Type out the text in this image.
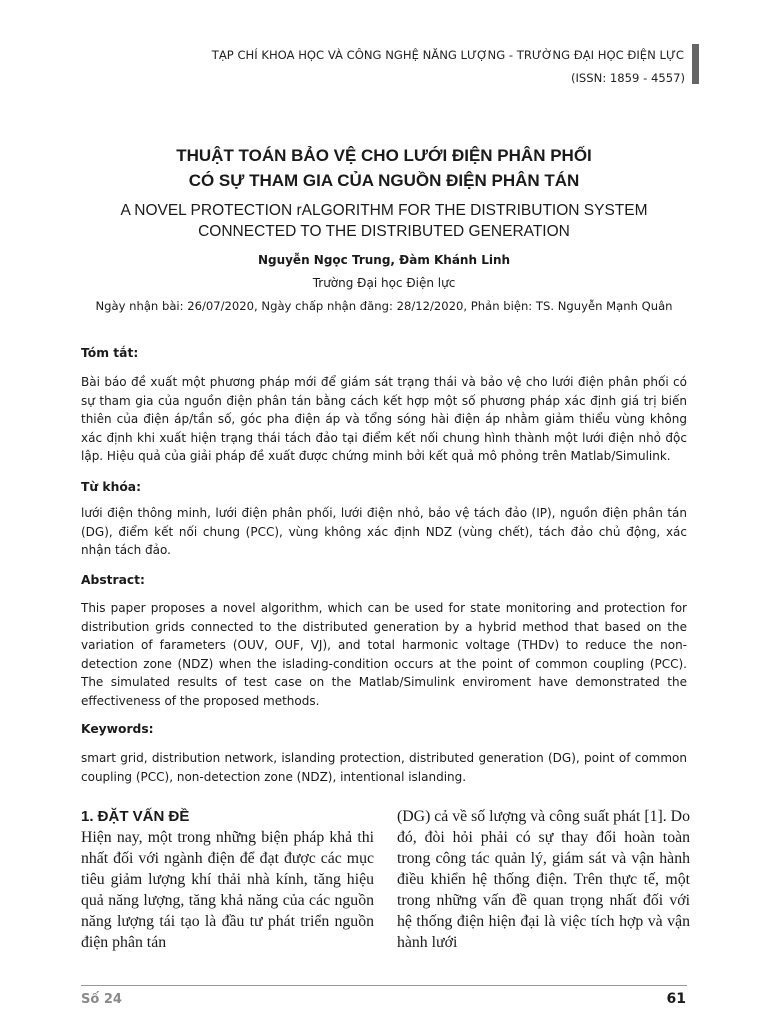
TẠP CHÍ KHOA HỌC VÀ CÔNG NGHỆ NĂNG LƯỢNG - TRƯỜNG ĐẠI HỌC ĐIỆN LỰC
(ISSN: 1859 - 4557)
THUẬT TOÁN BẢO VỆ CHO LƯỚI ĐIỆN PHÂN PHỐI
CÓ SỰ THAM GIA CỦA NGUỒN ĐIỆN PHÂN TÁN
A NOVEL PROTECTION rALGORITHM FOR THE DISTRIBUTION SYSTEM
CONNECTED TO THE DISTRIBUTED GENERATION
Nguyễn Ngọc Trung, Đàm Khánh Linh
Trường Đại học Điện lực
Ngày nhận bài: 26/07/2020, Ngày chấp nhận đăng: 28/12/2020, Phản biện: TS. Nguyễn Mạnh Quân
Tóm tắt:
Bài báo đề xuất một phương pháp mới để giám sát trạng thái và bảo vệ cho lưới điện phân phối có sự tham gia của nguồn điện phân tán bằng cách kết hợp một số phương pháp xác định giá trị biến thiên của điện áp/tần số, góc pha điện áp và tổng sóng hài điện áp nhằm giảm thiểu vùng không xác định khi xuất hiện trạng thái tách đảo tại điểm kết nối chung hình thành một lưới điện nhỏ độc lập. Hiệu quả của giải pháp đề xuất được chứng minh bởi kết quả mô phỏng trên Matlab/Simulink.
Từ khóa:
lưới điện thông minh, lưới điện phân phối, lưới điện nhỏ, bảo vệ tách đảo (IP), nguồn điện phân tán (DG), điểm kết nối chung (PCC), vùng không xác định NDZ (vùng chết), tách đảo chủ động, xác nhận tách đảo.
Abstract:
This paper proposes a novel algorithm, which can be used for state monitoring and protection for distribution grids connected to the distributed generation by a hybrid method that based on the variation of farameters (OUV, OUF, VJ), and total harmonic voltage (THDv) to reduce the non-detection zone (NDZ) when the islading-condition occurs at the point of common coupling (PCC). The simulated results of test case on the Matlab/Simulink enviroment have demonstrated the effectiveness of the proposed methods.
Keywords:
smart grid, distribution network, islanding protection, distributed generation (DG), point of common coupling (PCC), non-detection zone (NDZ), intentional islanding.
1. ĐẶT VẤN ĐỀ
Hiện nay, một trong những biện pháp khả thi nhất đối với ngành điện để đạt được các mục tiêu giảm lượng khí thải nhà kính, tăng hiệu quả năng lượng, tăng khả năng của các nguồn năng lượng tái tạo là đầu tư phát triển nguồn điện phân tán
(DG) cả về số lượng và công suất phát [1]. Do đó, đòi hỏi phải có sự thay đổi hoàn toàn trong công tác quản lý, giám sát và vận hành điều khiển hệ thống điện. Trên thực tế, một trong những vấn đề quan trọng nhất đối với hệ thống điện hiện đại là việc tích hợp và vận hành lưới
Số 24	61
